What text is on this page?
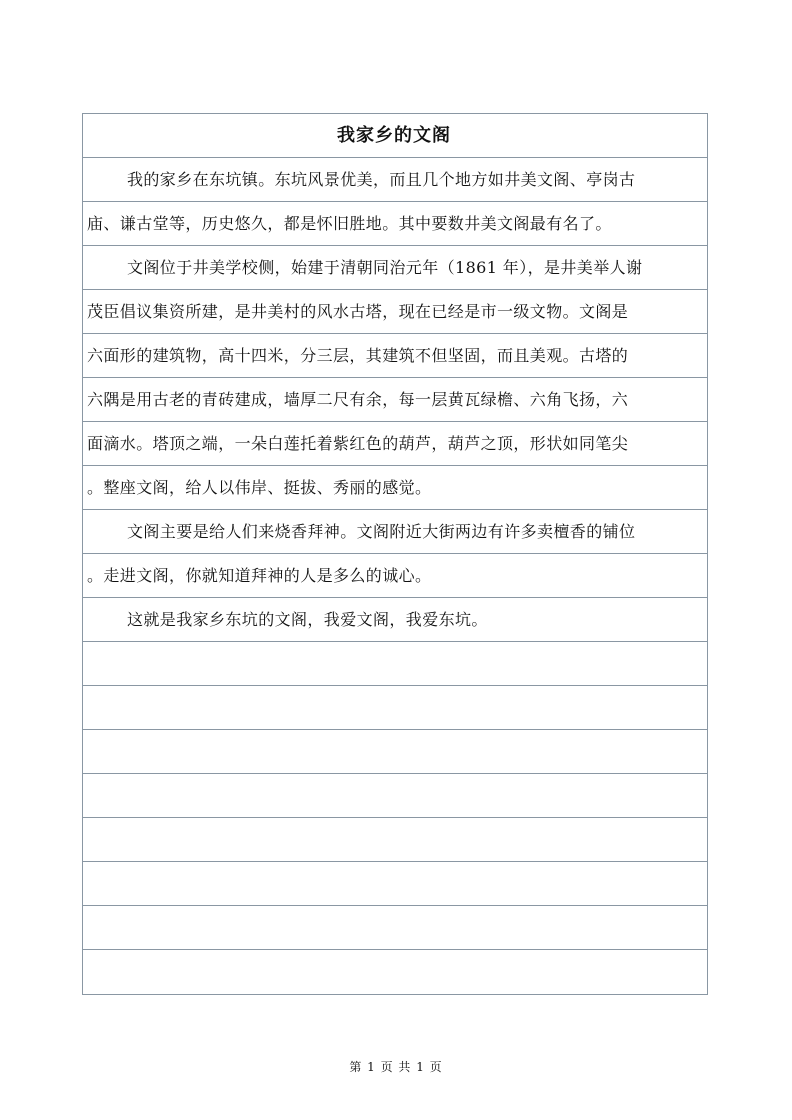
我家乡的文阁
我的家乡在东坑镇。东坑风景优美，而且几个地方如井美文阁、亭岗古
庙、谦古堂等，历史悠久，都是怀旧胜地。其中要数井美文阁最有名了。
文阁位于井美学校侧，始建于清朝同治元年（1861 年），是井美举人谢
茂臣倡议集资所建，是井美村的风水古塔，现在已经是市一级文物。文阁是
六面形的建筑物，高十四米，分三层，其建筑不但坚固，而且美观。古塔的
六隅是用古老的青砖建成，墙厚二尺有余，每一层黄瓦绿檐、六角飞扬，六
面滴水。塔顶之端，一朵白莲托着紫红色的葫芦，葫芦之顶，形状如同笔尖
。整座文阁，给人以伟岸、挺拔、秀丽的感觉。
文阁主要是给人们来烧香拜神。文阁附近大街两边有许多卖檀香的铺位
。走进文阁，你就知道拜神的人是多么的诚心。
这就是我家乡东坑的文阁，我爱文阁，我爱东坑。
第 1 页 共 1 页
